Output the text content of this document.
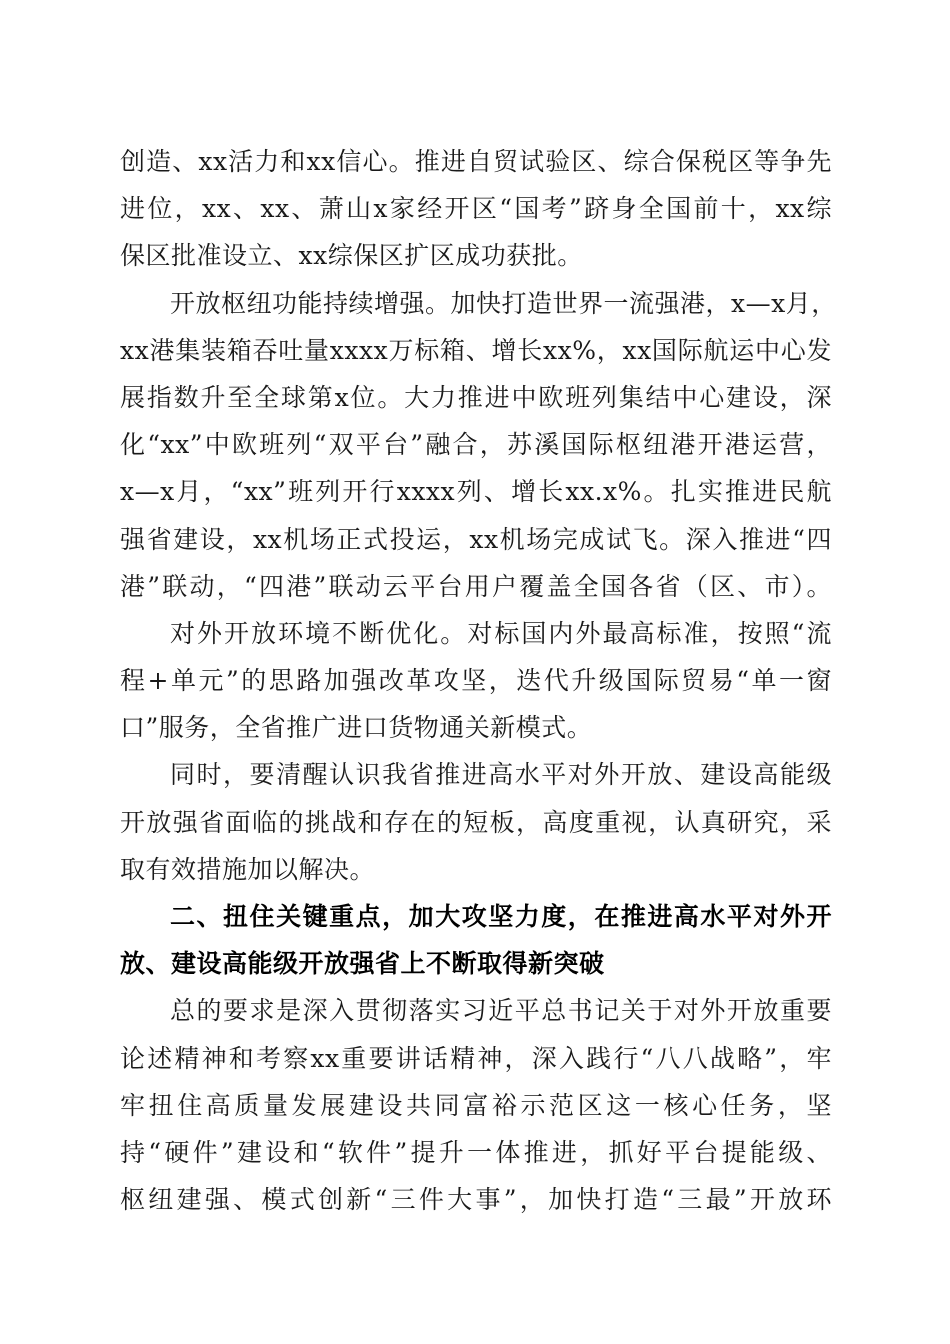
创造、xx活力和xx信心。推进自贸试验区、综合保税区等争先
进位，xx、xx、萧山x家经开区“国考”跻身全国前十，xx综
保区批准设立、xx综保区扩区成功获批。
开放枢纽功能持续增强。加快打造世界一流强港，x—x月，
xx港集装箱吞吐量xxxx万标箱、增长xx%，xx国际航运中心发
展指数升至全球第x位。大力推进中欧班列集结中心建设，深
化“xx”中欧班列“双平台”融合，苏溪国际枢纽港开港运营，
x—x月，“xx”班列开行xxxx列、增长xx.x%。扎实推进民航
强省建设，xx机场正式投运，xx机场完成试飞。深入推进“四
港”联动，“四港”联动云平台用户覆盖全国各省（区、市）。
对外开放环境不断优化。对标国内外最高标准，按照“流
程+单元”的思路加强改革攻坚，迭代升级国际贸易“单一窗
口”服务，全省推广进口货物通关新模式。
同时，要清醒认识我省推进高水平对外开放、建设高能级
开放强省面临的挑战和存在的短板，高度重视，认真研究，采
取有效措施加以解决。
二、扭住关键重点，加大攻坚力度，在推进高水平对外开
放、建设高能级开放强省上不断取得新突破
总的要求是深入贯彻落实习近平总书记关于对外开放重要
论述精神和考察xx重要讲话精神，深入践行“八八战略”，牢
牢扭住高质量发展建设共同富裕示范区这一核心任务，坚
持“硬件”建设和“软件”提升一体推进，抓好平台提能级、
枢纽建强、模式创新“三件大事”，加快打造“三最”开放环
